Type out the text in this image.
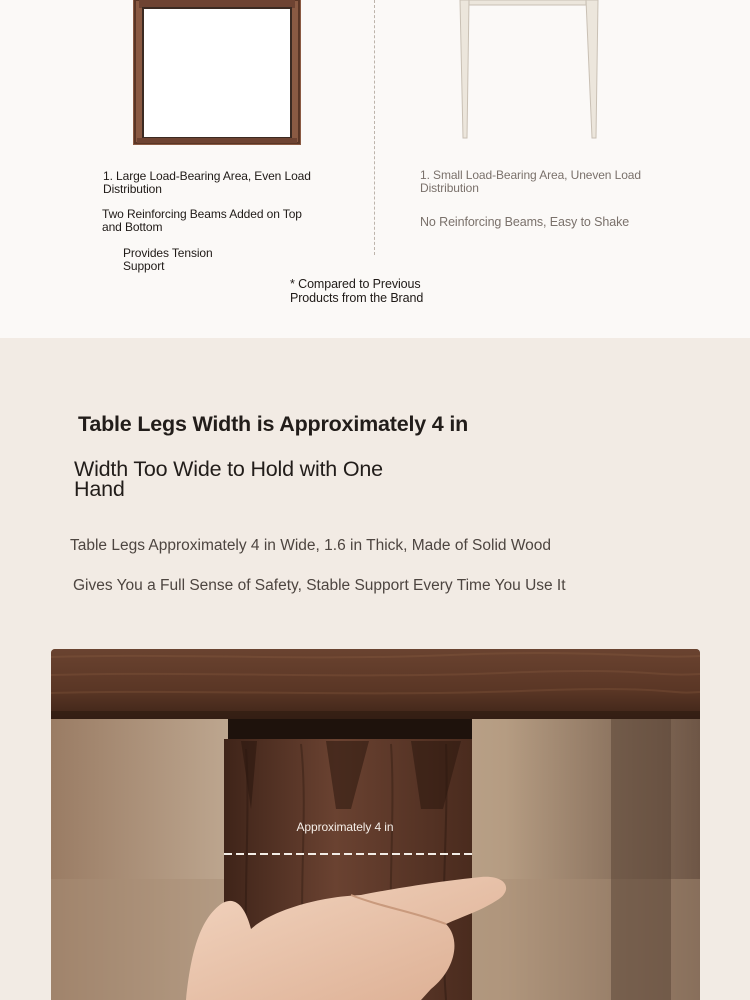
1. Large Load-Bearing Area, Even Load Distribution
Two Reinforcing Beams Added on Top and Bottom
Provides Tension Support
1. Small Load-Bearing Area, Uneven Load Distribution
No Reinforcing Beams, Easy to Shake
* Compared to Previous Products from the Brand
Table Legs Width is Approximately 4 in
Width Too Wide to Hold with One Hand

Table Legs Approximately 4 in Wide, 1.6 in Thick, Made of Solid Wood

Gives You a Full Sense of Safety, Stable Support Every Time You Use It

Approximately 4 in
